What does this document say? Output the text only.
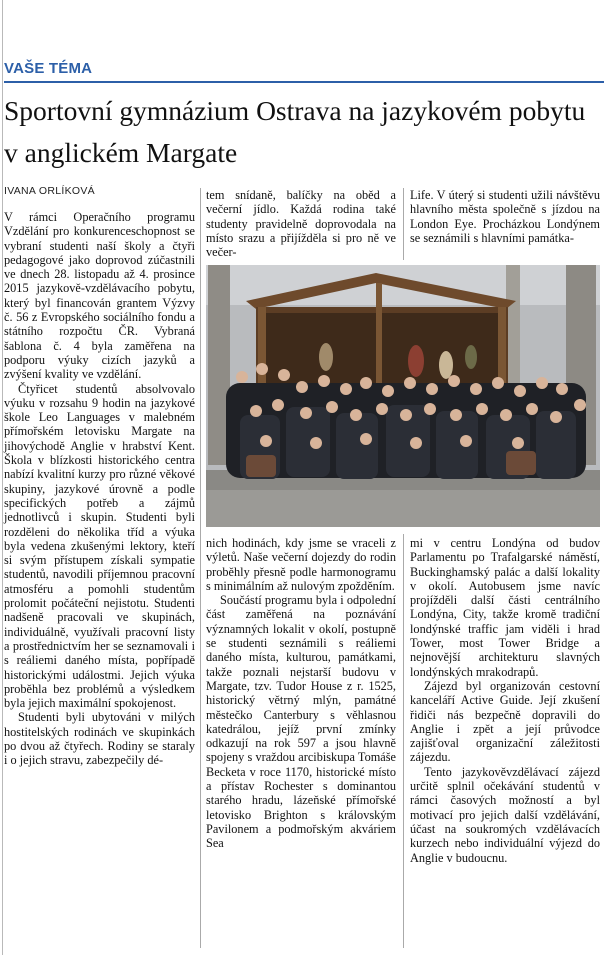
VAŠE TÉMA
Sportovní gymnázium Ostrava na jazykovém pobytu v anglickém Margate
IVANA ORLÍKOVÁ

V rámci Operačního programu Vzdělání pro konkurenceschopnost se vybraní studenti naší školy a čtyři pedagogové jako doprovod zúčastnili ve dnech 28. listopadu až 4. prosince 2015 jazykově-vzdělávacího pobytu, který byl financován grantem Výzvy č. 56 z Evropského sociálního fondu a státního rozpočtu ČR. Vybraná šablona č. 4 byla zaměřena na podporu výuky cizích jazyků a zvýšení kvality ve vzdělání.

Čtyřicet studentů absolvovalo výuku v rozsahu 9 hodin na jazykové škole Leo Languages v malebném přímořském letovisku Margate na jihovýchodě Anglie v hrabství Kent. Škola v blízkosti historického centra nabízí kvalitní kurzy pro různé věkové skupiny, jazykové úrovně a podle specifických potřeb a zájmů jednotlivců i skupin. Studenti byli rozděleni do několika tříd a výuka byla vedena zkušenými lektory, kteří si svým přístupem získali sympatie studentů, navodili příjemnou pracovní atmosféru a pomohli studentům prolomit počáteční nejistotu. Studenti nadšeně pracovali ve skupinách, individuálně, využívali pracovní listy a prostřednictvím her se seznamovali i s reáliemi daného místa, popřípadě historickými událostmi. Jejich výuka proběhla bez problémů a výsledkem byla jejich maximální spokojenost.

Studenti byli ubytováni v milých hostitelských rodinách ve skupinkách po dvou až čtyřech. Rodiny se staraly i o jejich stravu, zabezpečily dé-

tem snídaně, balíčky na oběd a večerní jídlo. Každá rodina také studenty pravidelně doprovodala na místo srazu a přijížděla si pro ně ve večer-

Life. V úterý si studenti užili návštěvu hlavního města společně s jízdou na London Eye. Procházkou Londýnem se seznámili s hlavními památka-

nich hodinách, kdy jsme se vraceli z výletů. Naše večerní dojezdy do rodin proběhly přesně podle harmonogramu s minimálním až nulovým zpožděním.

Součástí programu byla i odpolední část zaměřená na poznávání významných lokalit v okolí, postupně se studenti seznámili s reáliemi daného místa, kulturou, památkami, takže poznali nejstarší budovu v Margate, tzv. Tudor House z r. 1525, historický větrný mlýn, památné městečko Canterbury s věhlasnou katedrálou, jejíž první zmínky odkazují na rok 597 a jsou hlavně spojeny s vraždou arcibiskupa Tomáše Becketa v roce 1170, historické místo a přístav Rochester s dominantou starého hradu, lázeňské přímořské letovisko Brighton s královským Pavilonem a podmořským akváriem Sea

mi v centru Londýna od budov Parlamentu po Trafalgarské náměstí, Buckinghamský palác a další lokality v okolí. Autobusem jsme navíc projížděli další části centrálního Londýna, City, takže kromě tradiční londýnské traffic jam viděli i hrad Tower, most Tower Bridge a nejnovější architekturu slavných londýnských mrakodrapů.

Zájezd byl organizován cestovní kanceláří Active Guide. Její zkušení řidiči nás bezpečně dopravili do Anglie i zpět a její průvodce zajišťoval organizační záležitosti zájezdu.

Tento jazykověvzdělávací zájezd určitě splnil očekávání studentů v rámci časových možností a byl motivací pro jejich další vzdělávání, účast na soukromých vzdělávacích kurzech nebo individuální výjezd do Anglie v budoucnu.
